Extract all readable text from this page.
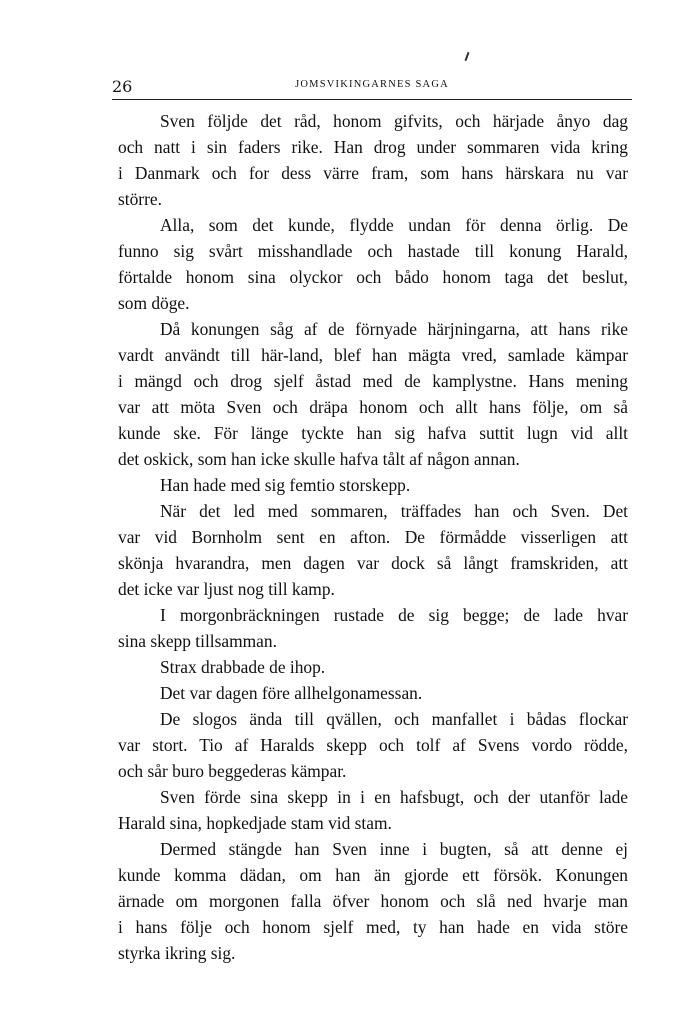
26	JOMSVIKINGARNES SAGA

Sven följde det råd, honom gifvits, och härjade ånyo dag
och natt i sin faders rike. Han drog under sommaren vida kring
i Danmark och for dess värre fram, som hans härskara nu var
större.

Alla, som det kunde, flydde undan för denna örlig. De
funno sig svårt misshandlade och hastade till konung Harald,
förtalde honom sina olyckor och bådo honom taga det beslut,
som döge.

Då konungen såg af de förnyade härjningarna, att hans rike
vardt användt till här-land, blef han mägta vred, samlade kämpar
i mängd och drog sjelf åstad med de kamplystne. Hans mening
var att möta Sven och dräpa honom och allt hans följe, om så
kunde ske. För länge tyckte han sig hafva suttit lugn vid allt
det oskick, som han icke skulle hafva tålt af någon annan.

Han hade med sig femtio storskepp.

När det led med sommaren, träffades han och Sven. Det
var vid Bornholm sent en afton. De förmådde visserligen att
skönja hvarandra, men dagen var dock så långt framskriden, att
det icke var ljust nog till kamp.

I morgonbräckningen rustade de sig begge; de lade hvar
sina skepp tillsamman.

Strax drabbade de ihop.

Det var dagen före allhelgonamessan.

De slogos ända till qvällen, och manfallet i bådas flockar
var stort. Tio af Haralds skepp och tolf af Svens vordo rödde,
och sår buro beggederas kämpar.

Sven förde sina skepp in i en hafsbugt, och der utanför lade
Harald sina, hopkedjade stam vid stam.

Dermed stängde han Sven inne i bugten, så att denne ej
kunde komma dädan, om han än gjorde ett försök. Konungen
ärnade om morgonen falla öfver honom och slå ned hvarje man
i hans följe och honom sjelf med, ty han hade en vida störe
styrka ikring sig.
